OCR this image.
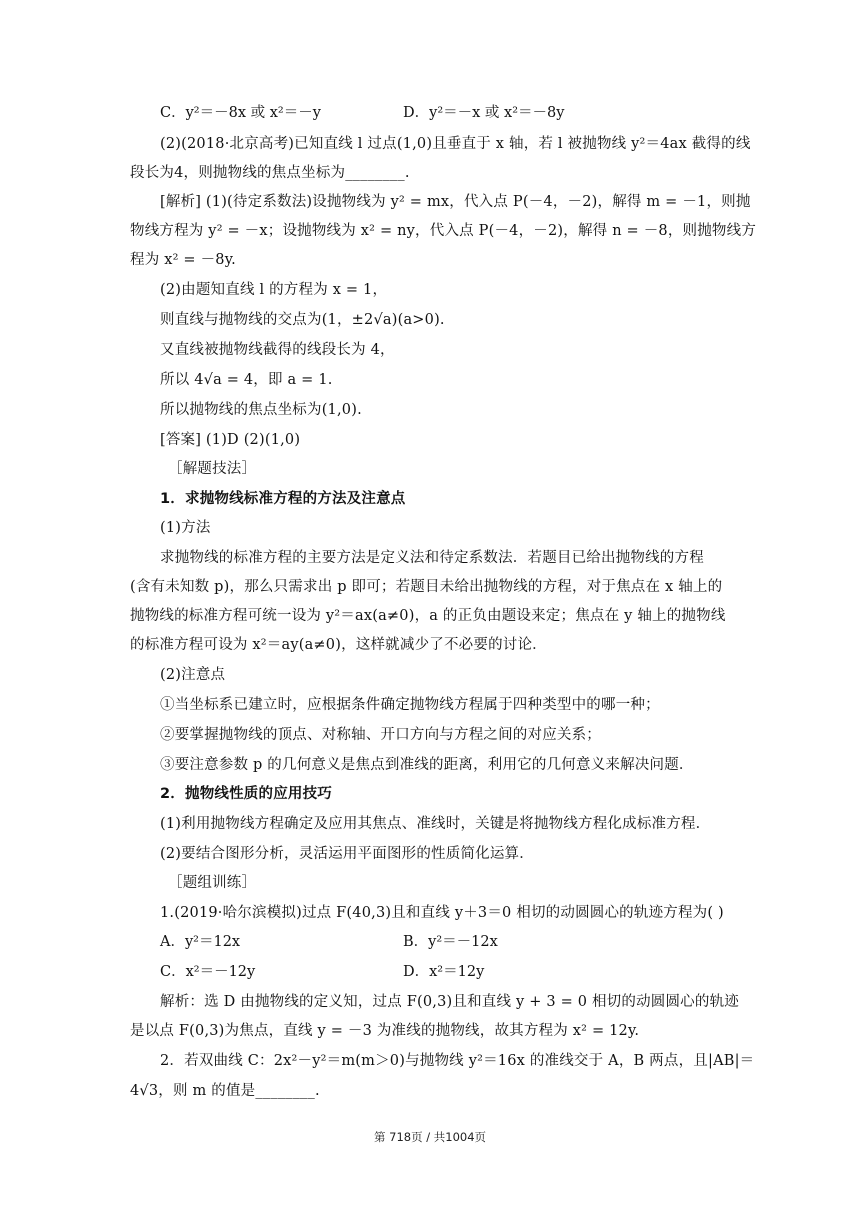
C．y²＝－8x 或 x²＝－y	D．y²＝－x 或 x²＝－8y
(2)(2018·北京高考)已知直线 l 过点(1,0)且垂直于 x 轴，若 l 被抛物线 y²＝4ax 截得的线
段长为4，则抛物线的焦点坐标为________.
[解析] (1)(待定系数法)设抛物线为 y² = mx，代入点 P(－4，－2)，解得 m = －1，则抛
物线方程为 y² = －x；设抛物线为 x² = ny，代入点 P(－4，－2)，解得 n = －8，则抛物线方
程为 x² = －8y.
(2)由题知直线 l 的方程为 x = 1，
则直线与抛物线的交点为(1，±2√a)(a>0).
又直线被抛物线截得的线段长为 4，
所以 4√a = 4，即 a = 1.
所以抛物线的焦点坐标为(1,0).
[答案] (1)D (2)(1,0)
［解题技法］
1．求抛物线标准方程的方法及注意点
(1)方法
求抛物线的标准方程的主要方法是定义法和待定系数法．若题目已给出抛物线的方程
(含有未知数 p)，那么只需求出 p 即可；若题目未给出抛物线的方程，对于焦点在 x 轴上的
抛物线的标准方程可统一设为 y²＝ax(a≠0)，a 的正负由题设来定；焦点在 y 轴上的抛物线
的标准方程可设为 x²＝ay(a≠0)，这样就减少了不必要的讨论．
(2)注意点
①当坐标系已建立时，应根据条件确定抛物线方程属于四种类型中的哪一种；
②要掌握抛物线的顶点、对称轴、开口方向与方程之间的对应关系；
③要注意参数 p 的几何意义是焦点到准线的距离，利用它的几何意义来解决问题．
2．抛物线性质的应用技巧
(1)利用抛物线方程确定及应用其焦点、准线时，关键是将抛物线方程化成标准方程．
(2)要结合图形分析，灵活运用平面图形的性质简化运算．
［题组训练］
1.(2019·哈尔滨模拟)过点 F(40,3)且和直线 y＋3＝0 相切的动圆圆心的轨迹方程为( )
A．y²＝12x	B．y²＝－12x
C．x²＝－12y	D．x²＝12y
解析：选 D 由抛物线的定义知，过点 F(0,3)且和直线 y + 3 = 0 相切的动圆圆心的轨迹
是以点 F(0,3)为焦点，直线 y = －3 为准线的抛物线，故其方程为 x² = 12y.
2．若双曲线 C：2x²－y²＝m(m＞0)与抛物线 y²＝16x 的准线交于 A，B 两点，且|AB|＝
4√3，则 m 的值是________.
第 718页 / 共1004页
